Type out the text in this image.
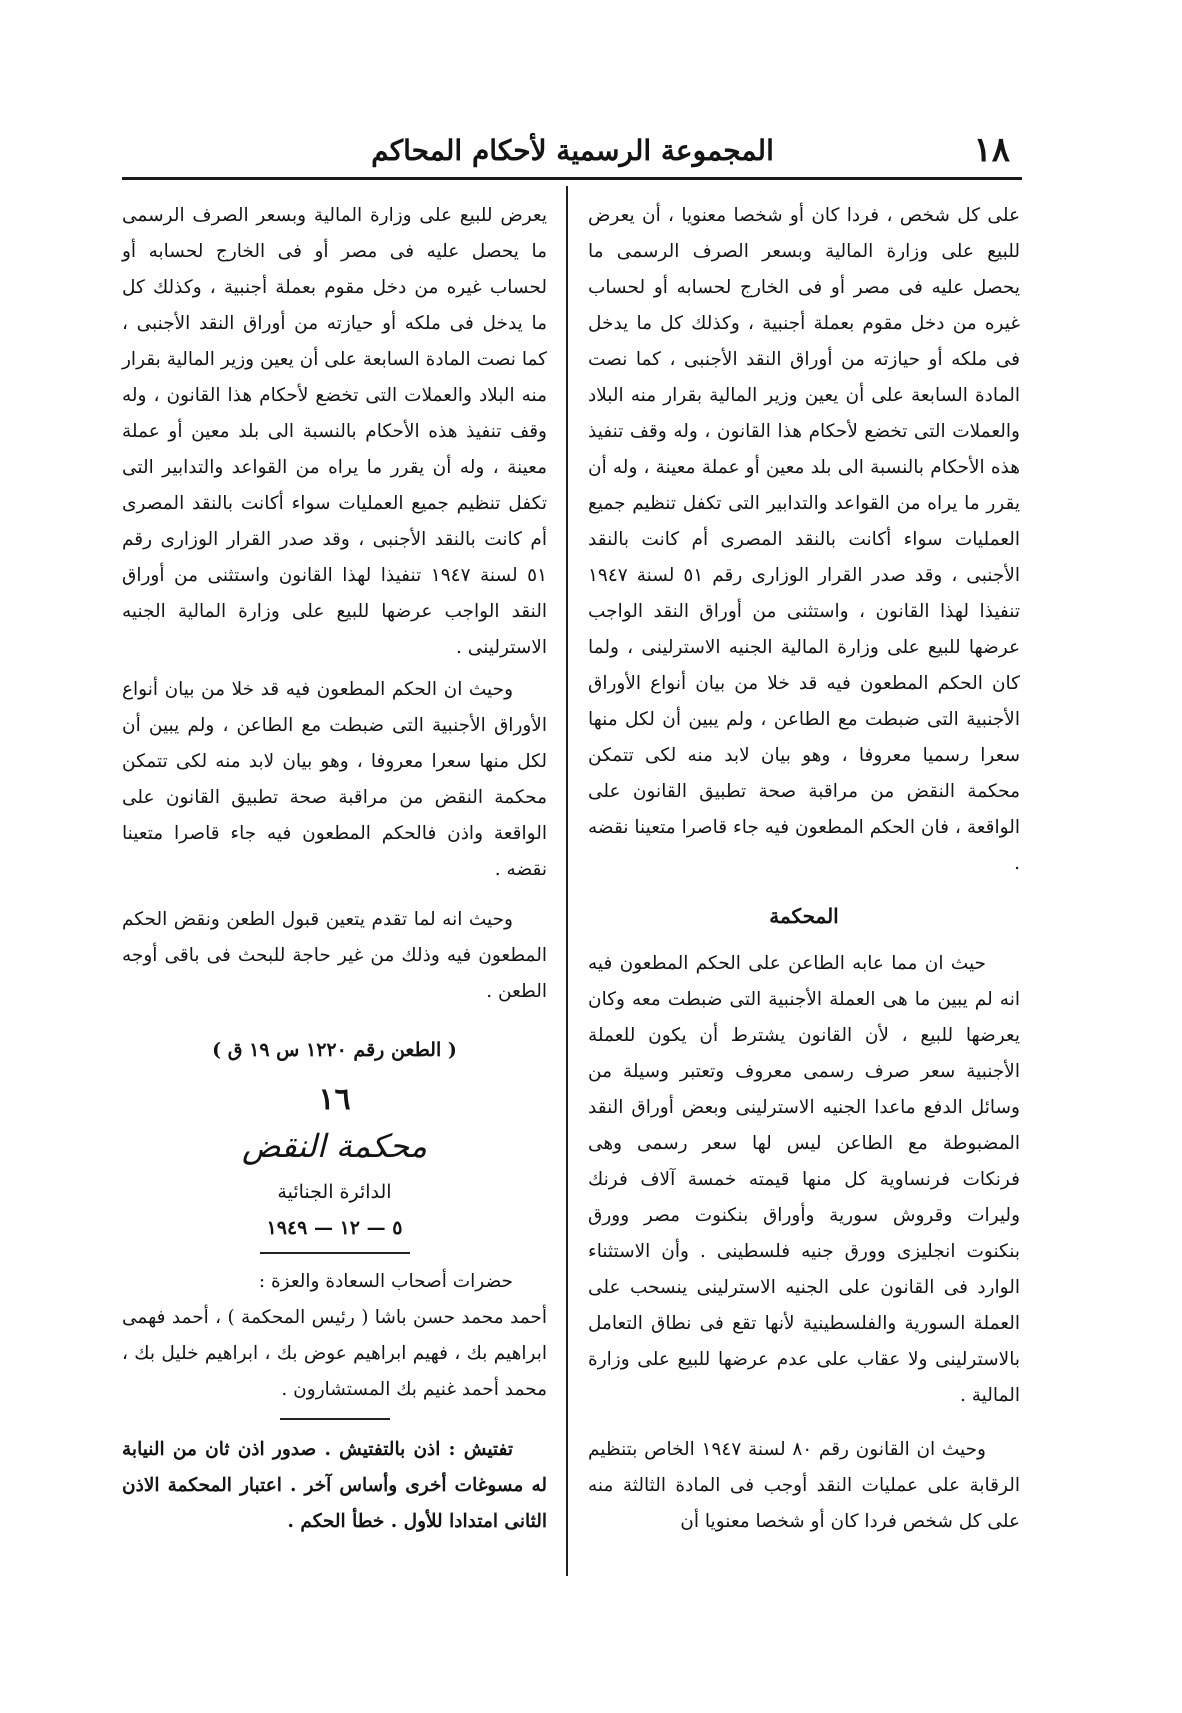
١٨
المجموعة الرسمية لأحكام المحاكم

على كل شخص ، فردا كان أو شخصا معنويا ، أن يعرض للبيع على وزارة المالية وبسعر الصرف الرسمى ما يحصل عليه فى مصر أو فى الخارج لحسابه أو لحساب غيره من دخل مقوم بعملة أجنبية ، وكذلك كل ما يدخل فى ملكه أو حيازته من أوراق النقد الأجنبى ، كما نصت المادة السابعة على أن يعين وزير المالية بقرار منه البلاد والعملات التى تخضع لأحكام هذا القانون ، وله وقف تنفيذ هذه الأحكام بالنسبة الى بلد معين أو عملة معينة ، وله أن يقرر ما يراه من القواعد والتدابير التى تكفل تنظيم جميع العمليات سواء أكانت بالنقد المصرى أم كانت بالنقد الأجنبى ، وقد صدر القرار الوزارى رقم ٥١ لسنة ١٩٤٧ تنفيذا لهذا القانون ، واستثنى من أوراق النقد الواجب عرضها للبيع على وزارة المالية الجنيه الاسترلينى ، ولما كان الحكم المطعون فيه قد خلا من بيان أنواع الأوراق الأجنبية التى ضبطت مع الطاعن ، ولم يبين أن لكل منها سعرا رسميا معروفا ، وهو بيان لابد منه لكى تتمكن محكمة النقض من مراقبة صحة تطبيق القانون على الواقعة ، فان الحكم المطعون فيه جاء قاصرا متعينا نقضه .

المحكمة

حيث ان مما عابه الطاعن على الحكم المطعون فيه انه لم يبين ما هى العملة الأجنبية التى ضبطت معه وكان يعرضها للبيع ، لأن القانون يشترط أن يكون للعملة الأجنبية سعر صرف رسمى معروف وتعتبر وسيلة من وسائل الدفع ماعدا الجنيه الاسترلينى وبعض أوراق النقد المضبوطة مع الطاعن ليس لها سعر رسمى وهى فرنكات فرنساوية كل منها قيمته خمسة آلاف فرنك وليرات وقروش سورية وأوراق بنكنوت مصر وورق بنكنوت انجليزى وورق جنيه فلسطينى . وأن الاستثناء الوارد فى القانون على الجنيه الاسترلينى ينسحب على العملة السورية والفلسطينية لأنها تقع فى نطاق التعامل بالاسترلينى ولا عقاب على عدم عرضها للبيع على وزارة المالية .

وحيث ان القانون رقم ٨٠ لسنة ١٩٤٧ الخاص بتنظيم الرقابة على عمليات النقد أوجب فى المادة الثالثة منه على كل شخص فردا كان أو شخصا معنويا أن

يعرض للبيع على وزارة المالية وبسعر الصرف الرسمى ما يحصل عليه فى مصر أو فى الخارج لحسابه أو لحساب غيره من دخل مقوم بعملة أجنبية ، وكذلك كل ما يدخل فى ملكه أو حيازته من أوراق النقد الأجنبى ، كما نصت المادة السابعة على أن يعين وزير المالية بقرار منه البلاد والعملات التى تخضع لأحكام هذا القانون ، وله وقف تنفيذ هذه الأحكام بالنسبة الى بلد معين أو عملة معينة ، وله أن يقرر ما يراه من القواعد والتدابير التى تكفل تنظيم جميع العمليات سواء أكانت بالنقد المصرى أم كانت بالنقد الأجنبى ، وقد صدر القرار الوزارى رقم ٥١ لسنة ١٩٤٧ تنفيذا لهذا القانون واستثنى من أوراق النقد الواجب عرضها للبيع على وزارة المالية الجنيه الاسترلينى .

وحيث ان الحكم المطعون فيه قد خلا من بيان أنواع الأوراق الأجنبية التى ضبطت مع الطاعن ، ولم يبين أن لكل منها سعرا معروفا ، وهو بيان لابد منه لكى تتمكن محكمة النقض من مراقبة صحة تطبيق القانون على الواقعة واذن فالحكم المطعون فيه جاء قاصرا متعينا نقضه .

وحيث انه لما تقدم يتعين قبول الطعن ونقض الحكم المطعون فيه وذلك من غير حاجة للبحث فى باقى أوجه الطعن .

( الطعن رقم ١٢٢٠ س ١٩ ق )
١٦
محكمة النقض
الدائرة الجنائية
٥ — ١٢ — ١٩٤٩

حضرات أصحاب السعادة والعزة :

أحمد محمد حسن باشا ( رئيس المحكمة ) ، أحمد فهمى ابراهيم بك ، فهيم ابراهيم عوض بك ، ابراهيم خليل بك ، محمد أحمد غنيم بك المستشارون .

تفتيش : اذن بالتفتيش . صدور اذن ثان من النيابة له مسوغات أخرى وأساس آخر . اعتبار المحكمة الاذن الثانى امتدادا للأول . خطأ الحكم .
